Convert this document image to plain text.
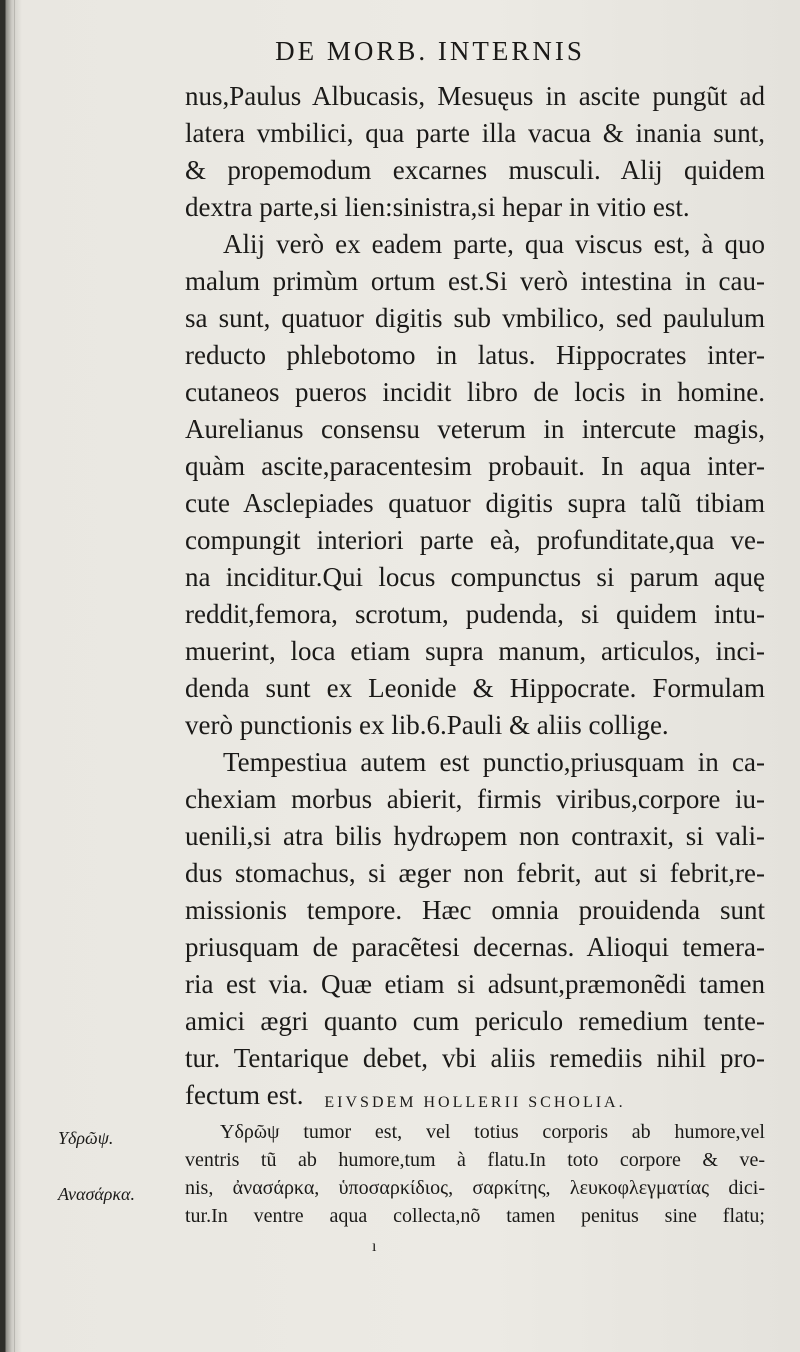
DE MORB. INTERNIS
nus,Paulus Albucasis, Mesuęus in ascite pungũt ad
latera vmbilici, qua parte illa vacua & inania sunt,
& propemodum excarnes musculi. Alij quidem
dextra parte,si lien:sinistra,si hepar in vitio est.
Alij verò ex eadem parte, qua viscus est, à quo
malum primùm ortum est.Si verò intestina in cau-
sa sunt, quatuor digitis sub vmbilico, sed paululum
reducto phlebotomo in latus. Hippocrates inter-
cutaneos pueros incidit libro de locis in homine.
Aurelianus consensu veterum in intercute magis,
quàm ascite,paracentesim probauit. In aqua inter-
cute Asclepiades quatuor digitis supra talũ tibiam
compungit interiori parte eà, profunditate,qua ve-
na inciditur.Qui locus compunctus si parum aquę
reddit,femora, scrotum, pudenda, si quidem intu-
muerint, loca etiam supra manum, articulos, inci-
denda sunt ex Leonide & Hippocrate. Formulam
verò punctionis ex lib.6.Pauli & aliis collige.
Tempestiua autem est punctio,priusquam in ca-
chexiam morbus abierit, firmis viribus,corpore iu-
uenili,si atra bilis hydrωpem non contraxit, si vali-
dus stomachus, si æger non febrit, aut si febrit,re-
missionis tempore. Hæc omnia prouidenda sunt
priusquam de paracẽtesi decernas. Alioqui temera-
ria est via. Quæ etiam si adsunt,præmonẽdi tamen
amici ægri quanto cum periculo remedium tente-
tur. Tentarique debet, vbi aliis remediis nihil pro-
fectum est.	EIVSDEM HOLLERII SCHOLIA.
Yδρῶψ.
Ανασάρκα.
Yδρῶψ tumor est, vel totius corporis ab humore,vel
ventris tũ ab humore,tum à flatu.In toto corpore & ve-
nis, ἀνασάρκα, ὑποσαρκίδιος, σαρκίτης, λευκοφλεγματίας dici-
tur.In ventre aqua collecta,nõ tamen penitus sine flatu;
ı
